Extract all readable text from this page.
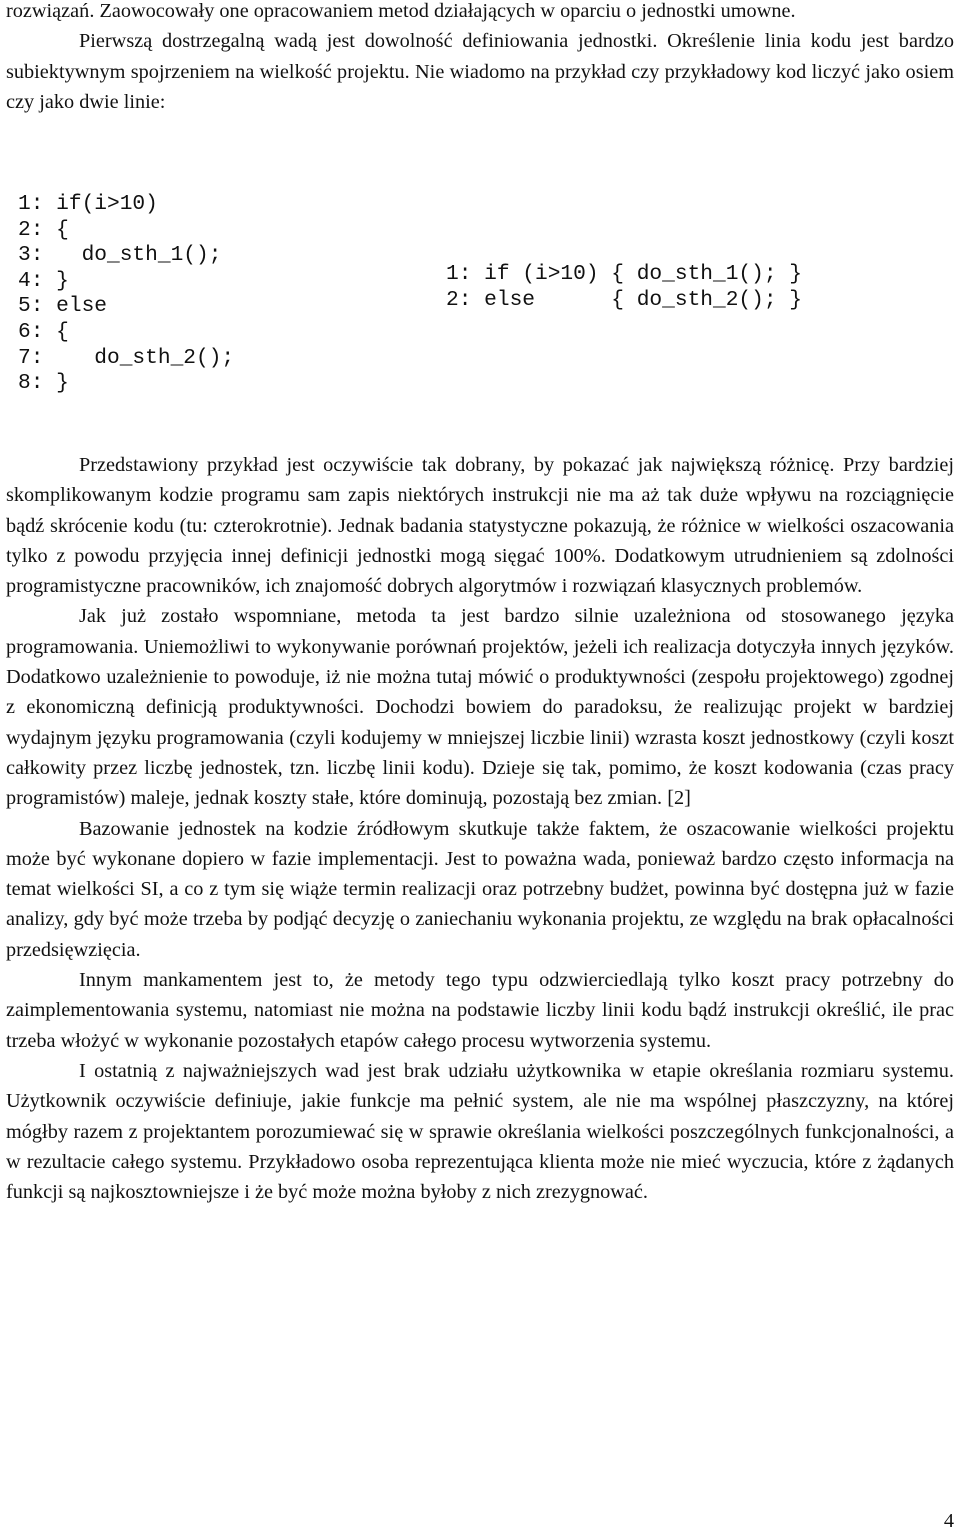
rozwiązań. Zaowocowały one opracowaniem metod działających w oparciu o jednostki umowne.

Pierwszą dostrzegalną wadą jest dowolność definiowania jednostki. Określenie linia kodu jest bardzo subiektywnym spojrzeniem na wielkość projektu. Nie wiadomo na przykład czy przykładowy kod liczyć jako osiem czy jako dwie linie:

1: if(i>10)
2: {
3:   do_sth_1();
4: }
5: else
6: {
7:    do_sth_2();
8: }
1: if (i>10) { do_sth_1(); }
2: else      { do_sth_2(); }

Przedstawiony przykład jest oczywiście tak dobrany, by pokazać jak największą różnicę. Przy bardziej skomplikowanym kodzie programu sam zapis niektórych instrukcji nie ma aż tak duże wpływu na rozciągnięcie bądź skrócenie kodu (tu: czterokrotnie). Jednak badania statystyczne pokazują, że różnice w wielkości oszacowania tylko z powodu przyjęcia innej definicji jednostki mogą sięgać 100%. Dodatkowym utrudnieniem są zdolności programistyczne pracowników, ich znajomość dobrych algorytmów i rozwiązań klasycznych problemów.

Jak już zostało wspomniane, metoda ta jest bardzo silnie uzależniona od stosowanego języka programowania. Uniemożliwi to wykonywanie porównań projektów, jeżeli ich realizacja dotyczyła innych języków. Dodatkowo uzależnienie to powoduje, iż nie można tutaj mówić o produktywności (zespołu projektowego) zgodnej z ekonomiczną definicją produktywności. Dochodzi bowiem do paradoksu, że realizując projekt w bardziej wydajnym języku programowania (czyli kodujemy w mniejszej liczbie linii) wzrasta koszt jednostkowy (czyli koszt całkowity przez liczbę jednostek, tzn. liczbę linii kodu). Dzieje się tak, pomimo, że koszt kodowania (czas pracy programistów) maleje, jednak koszty stałe, które dominują, pozostają bez zmian. [2]

Bazowanie jednostek na kodzie źródłowym skutkuje także faktem, że oszacowanie wielkości projektu może być wykonane dopiero w fazie implementacji. Jest to poważna wada, ponieważ bardzo często informacja na temat wielkości SI, a co z tym się wiąże termin realizacji oraz potrzebny budżet, powinna być dostępna już w fazie analizy, gdy być może trzeba by podjąć decyzję o zaniechaniu wykonania projektu, ze względu na brak opłacalności przedsięwzięcia.

Innym mankamentem jest to, że metody tego typu odzwierciedlają tylko koszt pracy potrzebny do zaimplementowania systemu, natomiast nie można na podstawie liczby linii kodu bądź instrukcji określić, ile prac trzeba włożyć w wykonanie pozostałych etapów całego procesu wytworzenia systemu.

I ostatnią z najważniejszych wad jest brak udziału użytkownika w etapie określania rozmiaru systemu. Użytkownik oczywiście definiuje, jakie funkcje ma pełnić system, ale nie ma wspólnej płaszczyzny, na której mógłby razem z projektantem porozumiewać się w sprawie określania wielkości poszczególnych funkcjonalności, a w rezultacie całego systemu. Przykładowo osoba reprezentująca klienta może nie mieć wyczucia, które z żądanych funkcji są najkosztowniejsze i że być może można byłoby z nich zrezygnować.

4
